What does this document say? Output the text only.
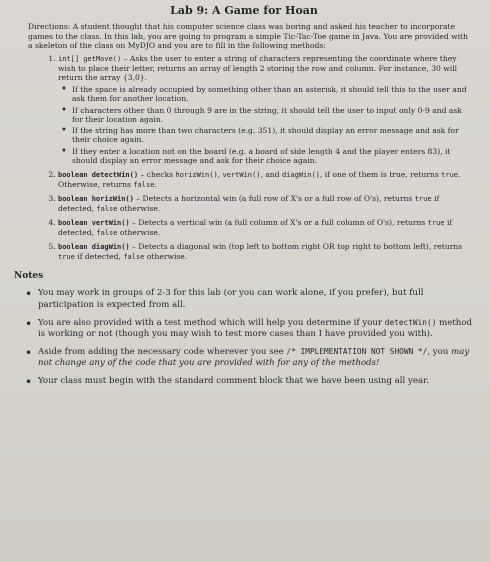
Lab 9: A Game for Hoan
Directions: A student thought that his computer science class was boring and asked his teacher to incorporate games to the class. In this lab, you are going to program a simple Tic-Tac-Toe game in Java. You are provided with a skeleton of the class on MyDJO and you are to fill in the following methods:
1. int[] getMove() – Asks the user to enter a string of characters representing the coordinate where they wish to place their letter, returns an array of length 2 storing the row and column. For instance, 30 will return the array {3,0}.
• If the space is already occupied by something other than an asterisk, it should tell this to the user and ask them for another location.
• If characters other than 0 through 9 are in the string, it should tell the user to input only 0-9 and ask for their location again.
• If the string has more than two characters (e.g. 351), it should display an error message and ask for their choice again.
• If they enter a location not on the board (e.g. a board of side length 4 and the player enters 83), it should display an error message and ask for their choice again.
2. boolean detectWin() – checks horizWin(), vertWin(), and diagWin(), if one of them is true, returns true. Otherwise, returns false.
3. boolean horizWin() – Detects a horizontal win (a full row of X's or a full row of O's), returns true if detected, false otherwise.
4. boolean vertWin() – Detects a vertical win (a full column of X's or a full column of O's), returns true if detected, false otherwise.
5. boolean diagWin() – Detects a diagonal win (top left to bottom right OR top right to bottom left), returns true if detected, false otherwise.
Notes
• You may work in groups of 2-3 for this lab (or you can work alone, if you prefer), but full participation is expected from all.
• You are also provided with a test method which will help you determine if your detectWin() method is working or not (though you may wish to test more cases than I have provided you with).
• Aside from adding the necessary code wherever you see /* IMPLEMENTATION NOT SHOWN */, you may not change any of the code that you are provided with for any of the methods!
• Your class must begin with the standard comment block that we have been using all year.
